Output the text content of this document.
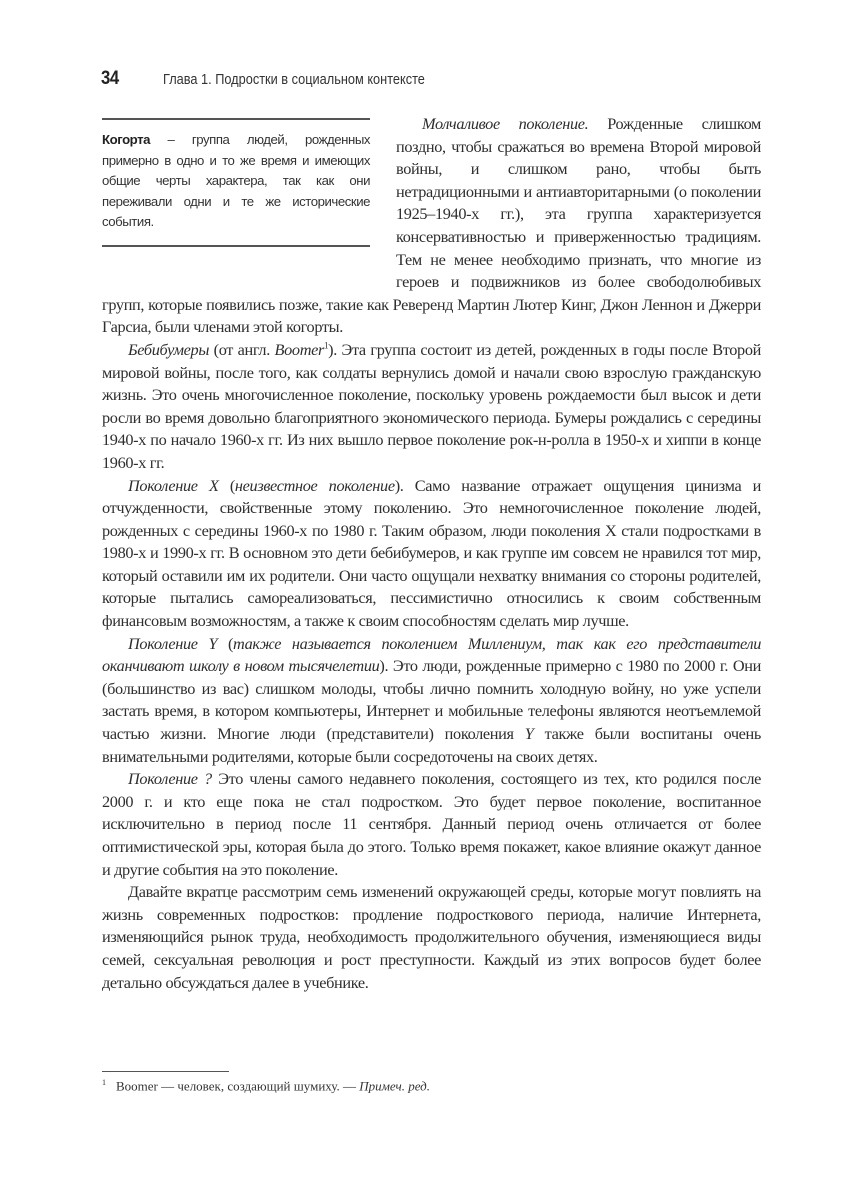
34	Глава 1. Подростки в социальном контексте

Когорта – группа людей, рожденных примерно в одно и то же время и имеющих общие черты характера, так как они переживали одни и те же исторические события.

Молчаливое поколение. Рожденные слишком поздно, чтобы сражаться во времена Второй мировой войны, и слишком рано, чтобы быть нетрадиционными и антиавторитарными (о поколении 1925–1940-х гг.), эта группа характеризуется консервативностью и приверженностью традициям. Тем не менее необходимо признать, что многие из героев и подвижников из более свободолюбивых групп, которые появились позже, такие как Реверенд Мартин Лютер Кинг, Джон Леннон и Джерри Гарсиа, были членами этой когорты.

Бебибумеры (от англ. Boomer$^1$). Эта группа состоит из детей, рожденных в годы после Второй мировой войны, после того, как солдаты вернулись домой и начали свою взрослую гражданскую жизнь. Это очень многочисленное поколение, поскольку уровень рождаемости был высок и дети росли во время довольно благоприятного экономического периода. Бумеры рождались с середины 1940-х по начало 1960-х гг. Из них вышло первое поколение рок-н-ролла в 1950-х и хиппи в конце 1960-х гг.

Поколение X (неизвестное поколение). Само название отражает ощущения цинизма и отчужденности, свойственные этому поколению. Это немногочисленное поколение людей, рожденных с середины 1960-х по 1980 г. Таким образом, люди поколения X стали подростками в 1980-х и 1990-х гг. В основном это дети бебибумеров, и как группе им совсем не нравился тот мир, который оставили им их родители. Они часто ощущали нехватку внимания со стороны родителей, которые пытались самореализоваться, пессимистично относились к своим собственным финансовым возможностям, а также к своим способностям сделать мир лучше.

Поколение Y (также называется поколением Миллениум, так как его представители оканчивают школу в новом тысячелетии). Это люди, рожденные примерно с 1980 по 2000 г. Они (большинство из вас) слишком молоды, чтобы лично помнить холодную войну, но уже успели застать время, в котором компьютеры, Интернет и мобильные телефоны являются неотъемлемой частью жизни. Многие люди (представители) поколения Y также были воспитаны очень внимательными родителями, которые были сосредоточены на своих детях.

Поколение ? Это члены самого недавнего поколения, состоящего из тех, кто родился после 2000 г. и кто еще пока не стал подростком. Это будет первое поколение, воспитанное исключительно в период после 11 сентября. Данный период очень отличается от более оптимистической эры, которая была до этого. Только время покажет, какое влияние окажут данное и другие события на это поколение.

Давайте вкратце рассмотрим семь изменений окружающей среды, которые могут повлиять на жизнь современных подростков: продление подросткового периода, наличие Интернета, изменяющийся рынок труда, необходимость продолжительного обучения, изменяющиеся виды семей, сексуальная революция и рост преступности. Каждый из этих вопросов будет более детально обсуждаться далее в учебнике.

$^1$ Boomer — человек, создающий шумиху. — Примеч. ред.
